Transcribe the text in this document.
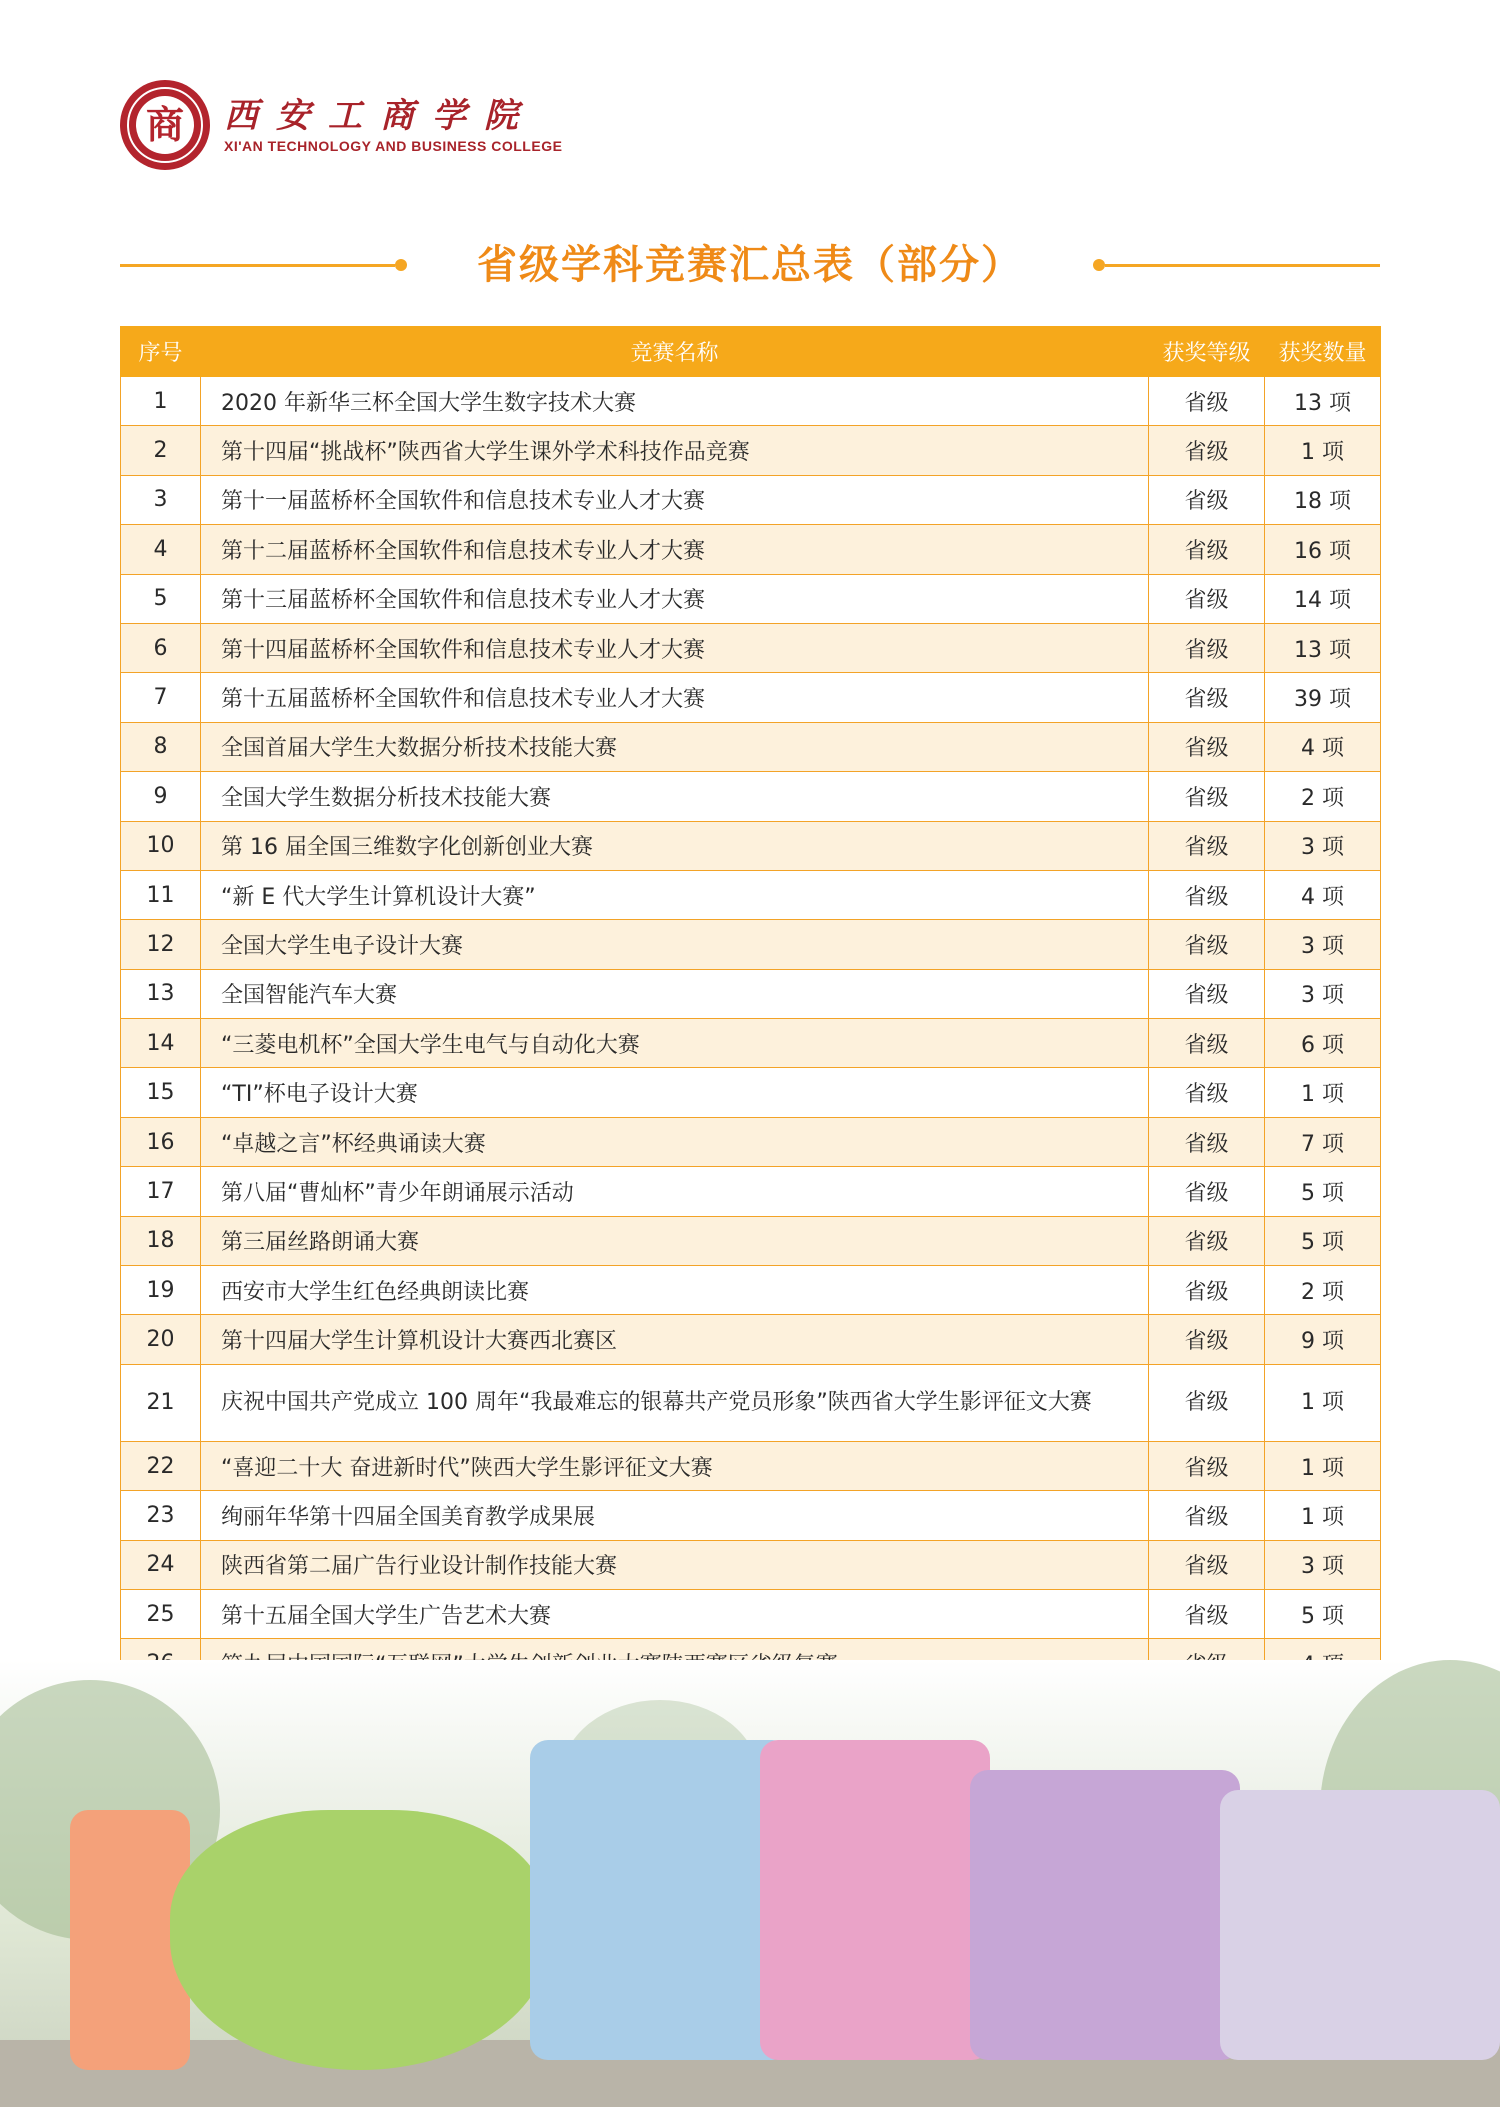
商 西安工商学院
XI'AN TECHNOLOGY AND BUSINESS COLLEGE
省级学科竞赛汇总表（部分）
序号	竞赛名称	获奖等级	获奖数量
1	2020 年新华三杯全国大学生数字技术大赛	省级	13 项
2	第十四届“挑战杯”陕西省大学生课外学术科技作品竞赛	省级	1 项
3	第十一届蓝桥杯全国软件和信息技术专业人才大赛	省级	18 项
4	第十二届蓝桥杯全国软件和信息技术专业人才大赛	省级	16 项
5	第十三届蓝桥杯全国软件和信息技术专业人才大赛	省级	14 项
6	第十四届蓝桥杯全国软件和信息技术专业人才大赛	省级	13 项
7	第十五届蓝桥杯全国软件和信息技术专业人才大赛	省级	39 项
8	全国首届大学生大数据分析技术技能大赛	省级	4 项
9	全国大学生数据分析技术技能大赛	省级	2 项
10	第 16 届全国三维数字化创新创业大赛	省级	3 项
11	“新 E 代大学生计算机设计大赛”	省级	4 项
12	全国大学生电子设计大赛	省级	3 项
13	全国智能汽车大赛	省级	3 项
14	“三菱电机杯”全国大学生电气与自动化大赛	省级	6 项
15	“TI”杯电子设计大赛	省级	1 项
16	“卓越之言”杯经典诵读大赛	省级	7 项
17	第八届“曹灿杯”青少年朗诵展示活动	省级	5 项
18	第三届丝路朗诵大赛	省级	5 项
19	西安市大学生红色经典朗读比赛	省级	2 项
20	第十四届大学生计算机设计大赛西北赛区	省级	9 项
21	庆祝中国共产党成立 100 周年“我最难忘的银幕共产党员形象”陕西省大学生影评征文大赛	省级	1 项
22	“喜迎二十大 奋进新时代”陕西大学生影评征文大赛	省级	1 项
23	绚丽年华第十四届全国美育教学成果展	省级	1 项
24	陕西省第二届广告行业设计制作技能大赛	省级	3 项
25	第十五届全国大学生广告艺术大赛	省级	5 项
